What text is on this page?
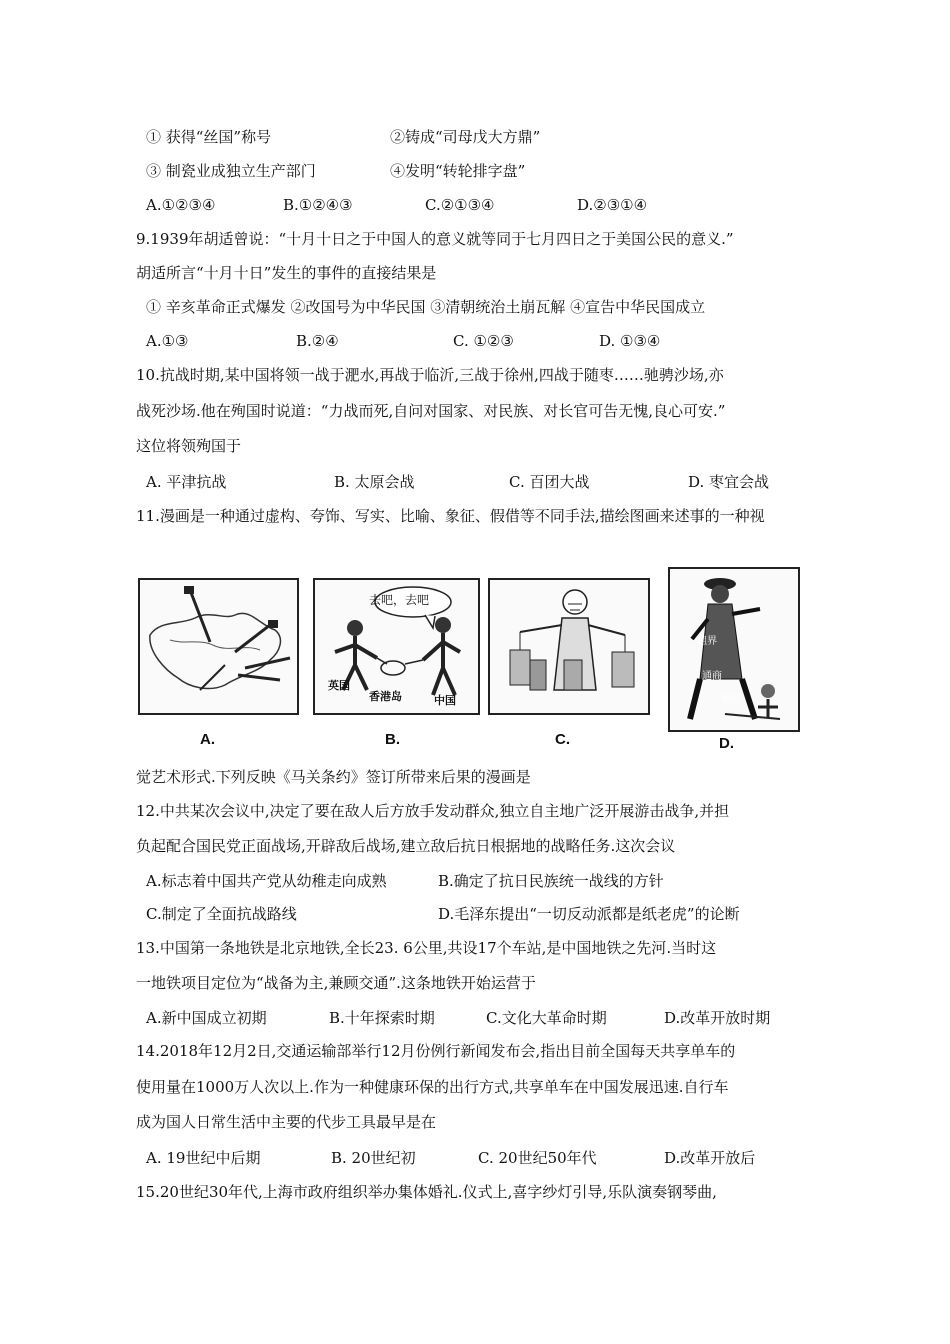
① 获得“丝国”称号	②铸成“司母戊大方鼎”
③ 制瓷业成独立生产部门	④发明“转轮排字盘”
A.①②③④	B.①②④③	C.②①③④	D.②③①④
9.1939年胡适曾说：“十月十日之于中国人的意义就等同于七月四日之于美国公民的意义.”
胡适所言“十月十日”发生的事件的直接结果是
① 辛亥革命正式爆发 ②改国号为中华民国 ③清朝统治土崩瓦解 ④宣告中华民国成立
A.①③	B.②④	C. ①②③	D. ①③④
10.抗战时期,某中国将领一战于淝水,再战于临沂,三战于徐州,四战于随枣……驰骋沙场,亦
战死沙场.他在殉国时说道：“力战而死,自问对国家、对民族、对长官可告无愧,良心可安.”
这位将领殉国于
A. 平津抗战	B. 太原会战	C. 百团大战	D. 枣宜会战
11.漫画是一种通过虚构、夸饰、写实、比喻、象征、假借等不同手法,描绘图画来述事的一种视
A.
去吧，去吧
英国
香港岛	中国
B.	C.
租界
通商
赔款
D.
觉艺术形式.下列反映《马关条约》签订所带来后果的漫画是
12.中共某次会议中,决定了要在敌人后方放手发动群众,独立自主地广泛开展游击战争,并担
负起配合国民党正面战场,开辟敌后战场,建立敌后抗日根据地的战略任务.这次会议
A.标志着中国共产党从幼稚走向成熟	B.确定了抗日民族统一战线的方针
C.制定了全面抗战路线	D.毛泽东提出“一切反动派都是纸老虎”的论断
13.中国第一条地铁是北京地铁,全长23. 6公里,共设17个车站,是中国地铁之先河.当时这
一地铁项目定位为“战备为主,兼顾交通”.这条地铁开始运营于
A.新中国成立初期	B.十年探索时期	C.文化大革命时期	D.改革开放时期
14.2018年12月2日,交通运输部举行12月份例行新闻发布会,指出目前全国每天共享单车的
使用量在1000万人次以上.作为一种健康环保的出行方式,共享单车在中国发展迅速.自行车
成为国人日常生活中主要的代步工具最早是在
A. 19世纪中后期	B. 20世纪初	C. 20世纪50年代	D.改革开放后
15.20世纪30年代,上海市政府组织举办集体婚礼.仪式上,喜字纱灯引导,乐队演奏钢琴曲,
